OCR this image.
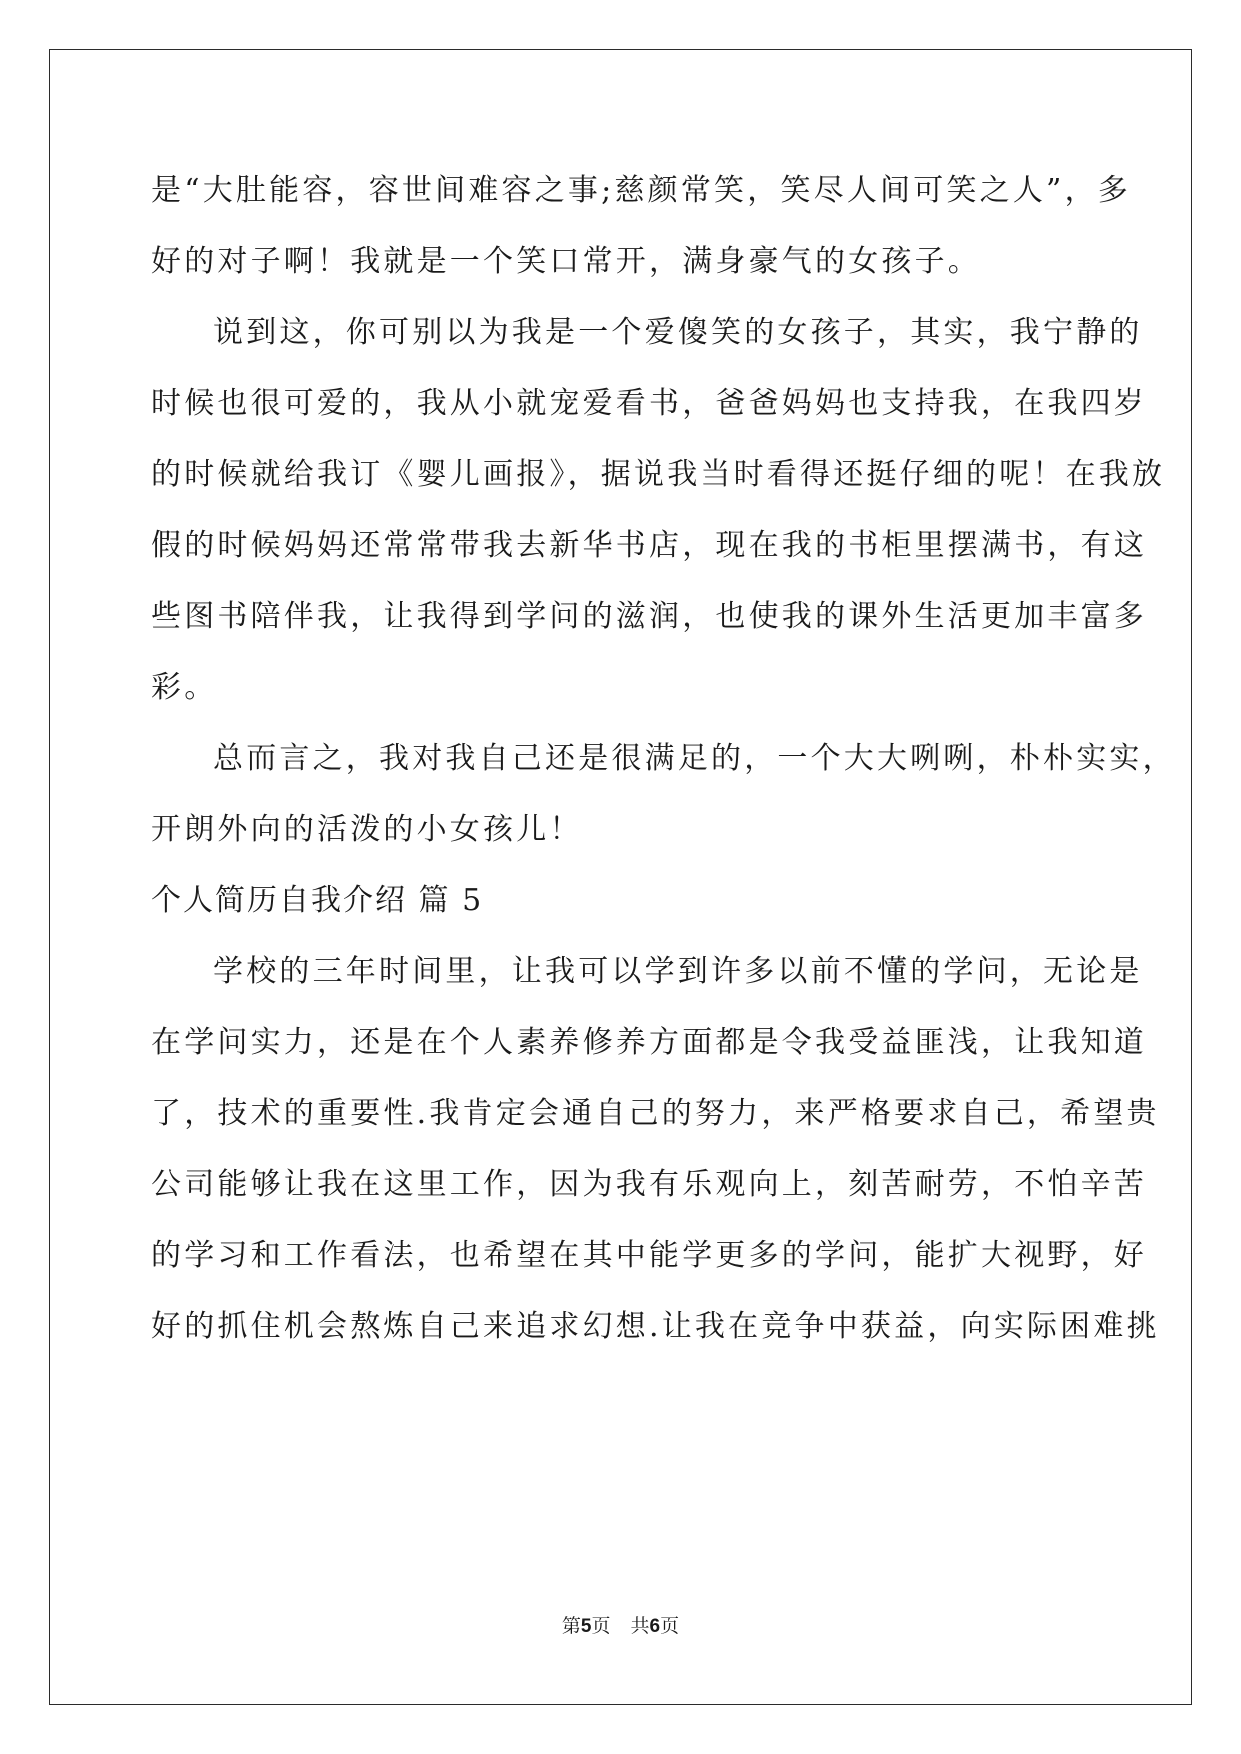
是“大肚能容，容世间难容之事;慈颜常笑，笑尽人间可笑之人”，多
好的对子啊！我就是一个笑口常开，满身豪气的女孩子。
说到这，你可别以为我是一个爱傻笑的女孩子，其实，我宁静的
时候也很可爱的，我从小就宠爱看书，爸爸妈妈也支持我，在我四岁
的时候就给我订《婴儿画报》，据说我当时看得还挺仔细的呢！在我放
假的时候妈妈还常常带我去新华书店，现在我的书柜里摆满书，有这
些图书陪伴我，让我得到学问的滋润，也使我的课外生活更加丰富多
彩。
总而言之，我对我自己还是很满足的，一个大大咧咧，朴朴实实，
开朗外向的活泼的小女孩儿！
个人简历自我介绍 篇 5
学校的三年时间里，让我可以学到许多以前不懂的学问，无论是
在学问实力，还是在个人素养修养方面都是令我受益匪浅，让我知道
了，技术的重要性.我肯定会通自己的努力，来严格要求自己，希望贵
公司能够让我在这里工作，因为我有乐观向上，刻苦耐劳，不怕辛苦
的学习和工作看法，也希望在其中能学更多的学问，能扩大视野，好
好的抓住机会熬炼自己来追求幻想.让我在竞争中获益，向实际困难挑
第5页 共6页
